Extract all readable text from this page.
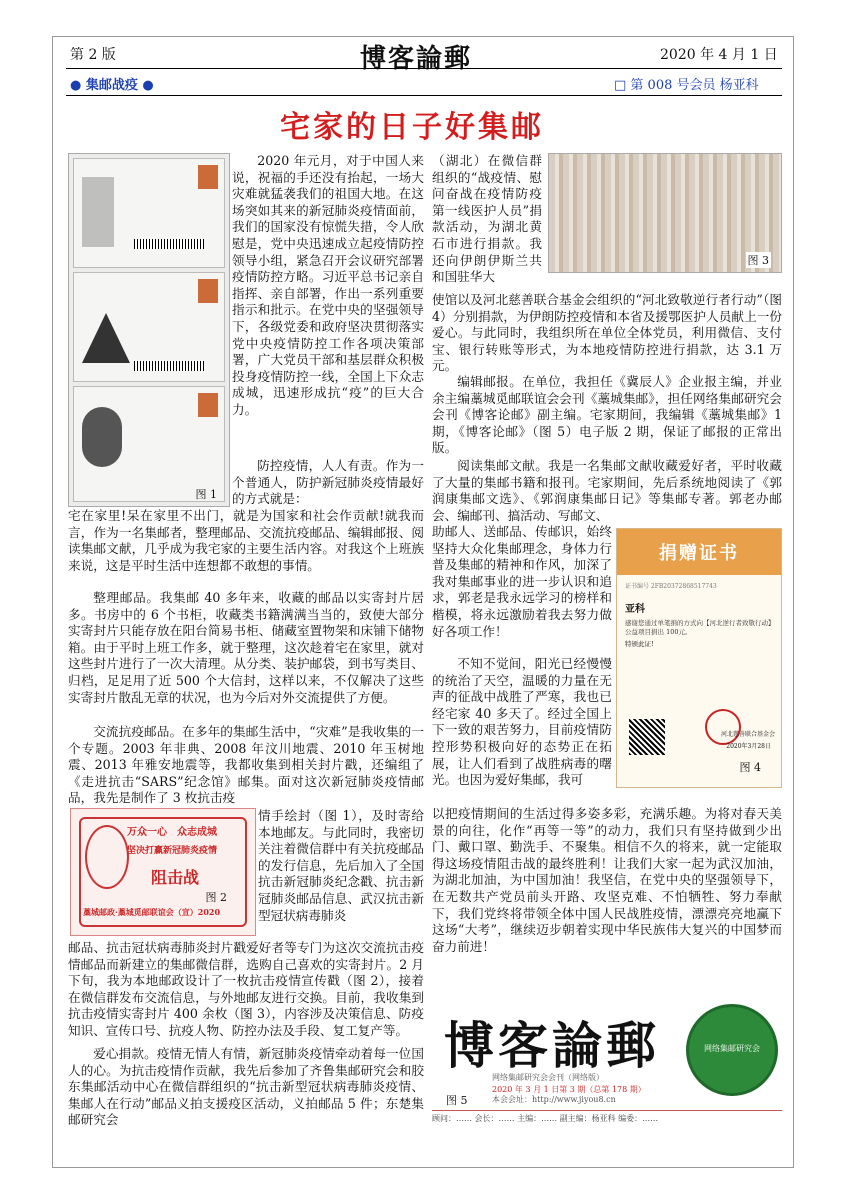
第 2 版	博客論郵	2020 年 4 月 1 日
● 集邮战疫 ●	□ 第 008 号会员 杨亚科
宅家的日子好集邮
图 1
2020 年元月，对于中国人来说，祝福的手还没有抬起，一场大灾难就猛袭我们的祖国大地。在这场突如其来的新冠肺炎疫情面前，我们的国家没有惊慌失措，令人欣慰是，党中央迅速成立起疫情防控领导小组，紧急召开会议研究部署疫情防控方略。习近平总书记亲自指挥、亲自部署，作出一系列重要指示和批示。在党中央的坚强领导下，各级党委和政府坚决贯彻落实党中央疫情防控工作各项决策部署，广大党员干部和基层群众积极投身疫情防控一线，全国上下众志成城，迅速形成抗“疫”的巨大合力。
防控疫情，人人有责。作为一个普通人，防护新冠肺炎疫情最好的方式就是：
宅在家里!呆在家里不出门，就是为国家和社会作贡献!就我而言，作为一名集邮者，整理邮品、交流抗疫邮品、编辑邮报、阅读集邮文献，几乎成为我宅家的主要生活内容。对我这个上班族来说，这是平时生活中连想都不敢想的事情。
整理邮品。我集邮 40 多年来，收藏的邮品以实寄封片居多。书房中的 6 个书柜，收藏类书籍满满当当的，致使大部分实寄封片只能存放在阳台简易书柜、储藏室置物架和床铺下储物箱。由于平时上班工作多，就于整理，这次趁着宅在家里，就对这些封片进行了一次大清理。从分类、装护邮袋，到书写类目、归档，足足用了近 500 个大信封，这样以来，不仅解决了这些实寄封片散乱无章的状况，也为今后对外交流提供了方便。
交流抗疫邮品。在多年的集邮生活中，“灾难”是我收集的一个专题。2003 年非典、2008 年汶川地震、2010 年玉树地震、2013 年雅安地震等，我都收集到相关封片戳，还编组了《走进抗击“SARS”纪念馆》邮集。面对这次新冠肺炎疫情邮品，我先是制作了 3 枚抗击疫
万众一心　众志成城
坚决打赢新冠肺炎疫情
阻击战
藁城邮政·藁城觅邮联谊会（宣）2020
图 2
情手绘封（图 1），及时寄给本地邮友。与此同时，我密切关注着微信群中有关抗疫邮品的发行信息，先后加入了全国抗击新冠肺炎纪念戳、抗击新冠肺炎邮品信息、武汉抗击新型冠状病毒肺炎
邮品、抗击冠状病毒肺炎封片戳爱好者等专门为这次交流抗击疫情邮品而新建立的集邮微信群，选购自己喜欢的实寄封片。2 月下旬，我为本地邮政设计了一枚抗击疫情宣传戳（图 2），接着在微信群发布交流信息，与外地邮友进行交换。目前，我收集到抗击疫情实寄封片 400 余枚（图 3），内容涉及决策信息、防疫知识、宣传口号、抗疫人物、防控办法及手段、复工复产等。
爱心捐款。疫情无情人有情，新冠肺炎疫情牵动着每一位国人的心。为抗击疫情作贡献，我先后参加了齐鲁集邮研究会和胶东集邮活动中心在微信群组织的“抗击新型冠状病毒肺炎疫情、集邮人在行动”邮品义拍支援疫区活动，义拍邮品 5 件；东楚集邮研究会
（湖北）在微信群组织的“战疫情、慰问奋战在疫情防疫第一线医护人员”捐款活动，为湖北黄石市进行捐款。我还向伊朗伊斯兰共和国驻华大
图 3
使馆以及河北慈善联合基金会组织的“河北致敬逆行者行动”（图 4）分别捐款，为伊朗防控疫情和本省及援鄂医护人员献上一份爱心。与此同时，我组织所在单位全体党员，利用微信、支付宝、银行转账等形式，为本地疫情防控进行捐款，达 3.1 万元。
编辑邮报。在单位，我担任《冀辰人》企业报主编，并业余主编藁城觅邮联谊会会刊《藁城集邮》，担任网络集邮研究会会刊《博客论邮》副主编。宅家期间，我编辑《藁城集邮》1 期，《博客论邮》（图 5）电子版 2 期，保证了邮报的正常出版。
阅读集邮文献。我是一名集邮文献收藏爱好者，平时收藏了大量的集邮书籍和报刊。宅家期间，先后系统地阅读了《郭润康集邮文选》、《郭润康集邮日记》等集邮专著。郭老办邮会、编邮刊、搞活动、写邮文、
助邮人、送邮品、传邮识，始终坚持大众化集邮理念，身体力行普及集邮的精神和作风，加深了我对集邮事业的进一步认识和追求，郭老是我永远学习的榜样和楷模，将永远激励着我去努力做好各项工作！
捐赠证书
证书编号 2FB20372868517743
亚科
感谢您通过单笔捐的方式向【河北逆行者致敬行动】公益项目捐出 100元。
特颁此证!
河北慈善联合基金会
2020年3月28日
图 4
不知不觉间，阳光已经慢慢的统治了天空，温暖的力量在无声的征战中战胜了严寒，我也已经宅家 40 多天了。经过全国上下一致的艰苦努力，目前疫情防控形势积极向好的态势正在拓展，让人们看到了战胜病毒的曙光。也因为爱好集邮，我可
以把疫情期间的生活过得多姿多彩，充满乐趣。为将对春天美景的向往，化作“再等一等”的动力，我们只有坚持做到少出门、戴口罩、勤洗手、不聚集。相信不久的将来，就一定能取得这场疫情阻击战的最终胜利！让我们大家一起为武汉加油，为湖北加油，为中国加油！我坚信，在党中央的坚强领导下，在无数共产党员前头开路、攻坚克难、不怕牺牲、努力奉献下，我们党终将带领全体中国人民战胜疫情，漂漂亮亮地赢下这场“大考”，继续迈步朝着实现中华民族伟大复兴的中国梦而奋力前进！
博客論郵	网络集邮研究会
网络集邮研究会会刊（网络版）
2020 年 3 月 1 日第 3 期（总第 178 期）
本会会址：http://www.jiyou8.cn
顾问：…… 会长：…… 主编：…… 副主编：杨亚科 编委：……
图 5
